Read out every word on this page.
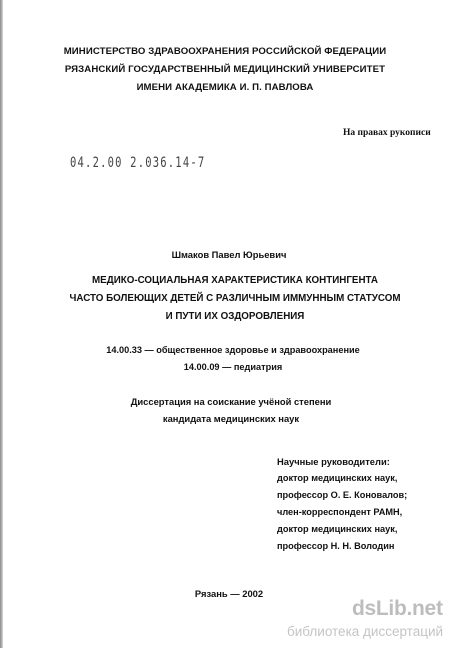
МИНИСТЕРСТВО ЗДРАВООХРАНЕНИЯ РОССИЙСКОЙ ФЕДЕРАЦИИ

РЯЗАНСКИЙ ГОСУДАРСТВЕННЫЙ МЕДИЦИНСКИЙ УНИВЕРСИТЕТ

ИМЕНИ АКАДЕМИКА И. П. ПАВЛОВА

На правах рукописи

04.2.00 2.036.14-7

Шмаков Павел Юрьевич

МЕДИКО-СОЦИАЛЬНАЯ ХАРАКТЕРИСТИКА КОНТИНГЕНТА

ЧАСТО БОЛЕЮЩИХ ДЕТЕЙ С РАЗЛИЧНЫМ ИММУННЫМ СТАТУСОМ

И ПУТИ ИХ ОЗДОРОВЛЕНИЯ

14.00.33 — общественное здоровье и здравоохранение

14.00.09 — педиатрия

Диссертация на соискание учёной степени

кандидата медицинских наук

Научные руководители:

доктор медицинских наук,

профессор О. Е. Коновалов;

член-корреспондент РАМН,

доктор медицинских наук,

профессор Н. Н. Володин

Рязань — 2002

dsLib.net

библиотека диссертаций
